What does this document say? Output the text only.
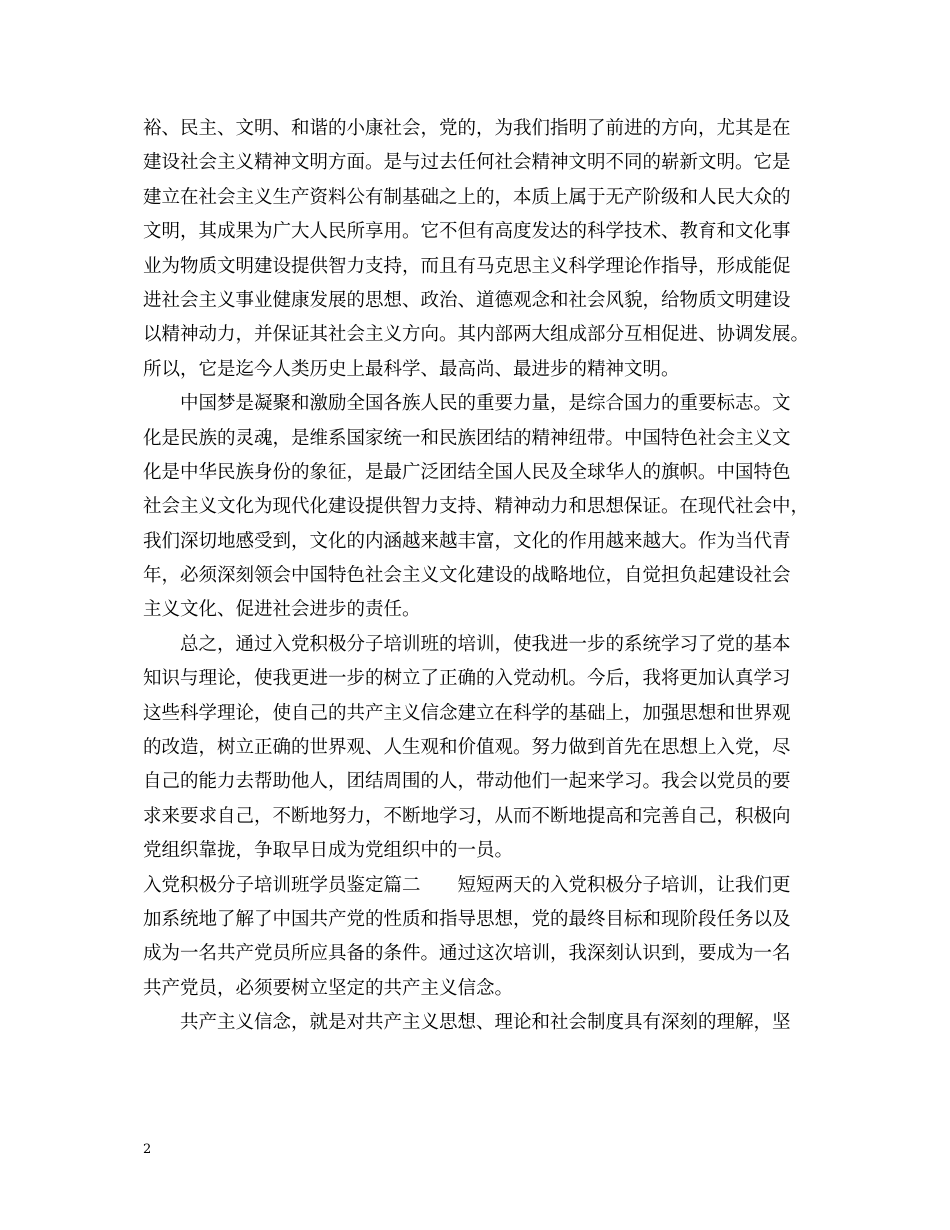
裕、民主、文明、和谐的小康社会，党的，为我们指明了前进的方向，尤其是在
建设社会主义精神文明方面。是与过去任何社会精神文明不同的崭新文明。它是
建立在社会主义生产资料公有制基础之上的，本质上属于无产阶级和人民大众的
文明，其成果为广大人民所享用。它不但有高度发达的科学技术、教育和文化事
业为物质文明建设提供智力支持，而且有马克思主义科学理论作指导，形成能促
进社会主义事业健康发展的思想、政治、道德观念和社会风貌，给物质文明建设
以精神动力，并保证其社会主义方向。其内部两大组成部分互相促进、协调发展。
所以，它是迄今人类历史上最科学、最高尚、最进步的精神文明。
中国梦是凝聚和激励全国各族人民的重要力量，是综合国力的重要标志。文
化是民族的灵魂，是维系国家统一和民族团结的精神纽带。中国特色社会主义文
化是中华民族身份的象征，是最广泛团结全国人民及全球华人的旗帜。中国特色
社会主义文化为现代化建设提供智力支持、精神动力和思想保证。在现代社会中，
我们深切地感受到，文化的内涵越来越丰富，文化的作用越来越大。作为当代青
年，必须深刻领会中国特色社会主义文化建设的战略地位，自觉担负起建设社会
主义文化、促进社会进步的责任。
总之，通过入党积极分子培训班的培训，使我进一步的系统学习了党的基本
知识与理论，使我更进一步的树立了正确的入党动机。今后，我将更加认真学习
这些科学理论，使自己的共产主义信念建立在科学的基础上，加强思想和世界观
的改造，树立正确的世界观、人生观和价值观。努力做到首先在思想上入党，尽
自己的能力去帮助他人，团结周围的人，带动他们一起来学习。我会以党员的要
求来要求自己，不断地努力，不断地学习，从而不断地提高和完善自己，积极向
党组织靠拢，争取早日成为党组织中的一员。
入党积极分子培训班学员鉴定篇二　　短短两天的入党积极分子培训，让我们更
加系统地了解了中国共产党的性质和指导思想，党的最终目标和现阶段任务以及
成为一名共产党员所应具备的条件。通过这次培训，我深刻认识到，要成为一名
共产党员，必须要树立坚定的共产主义信念。
共产主义信念，就是对共产主义思想、理论和社会制度具有深刻的理解，坚
2
